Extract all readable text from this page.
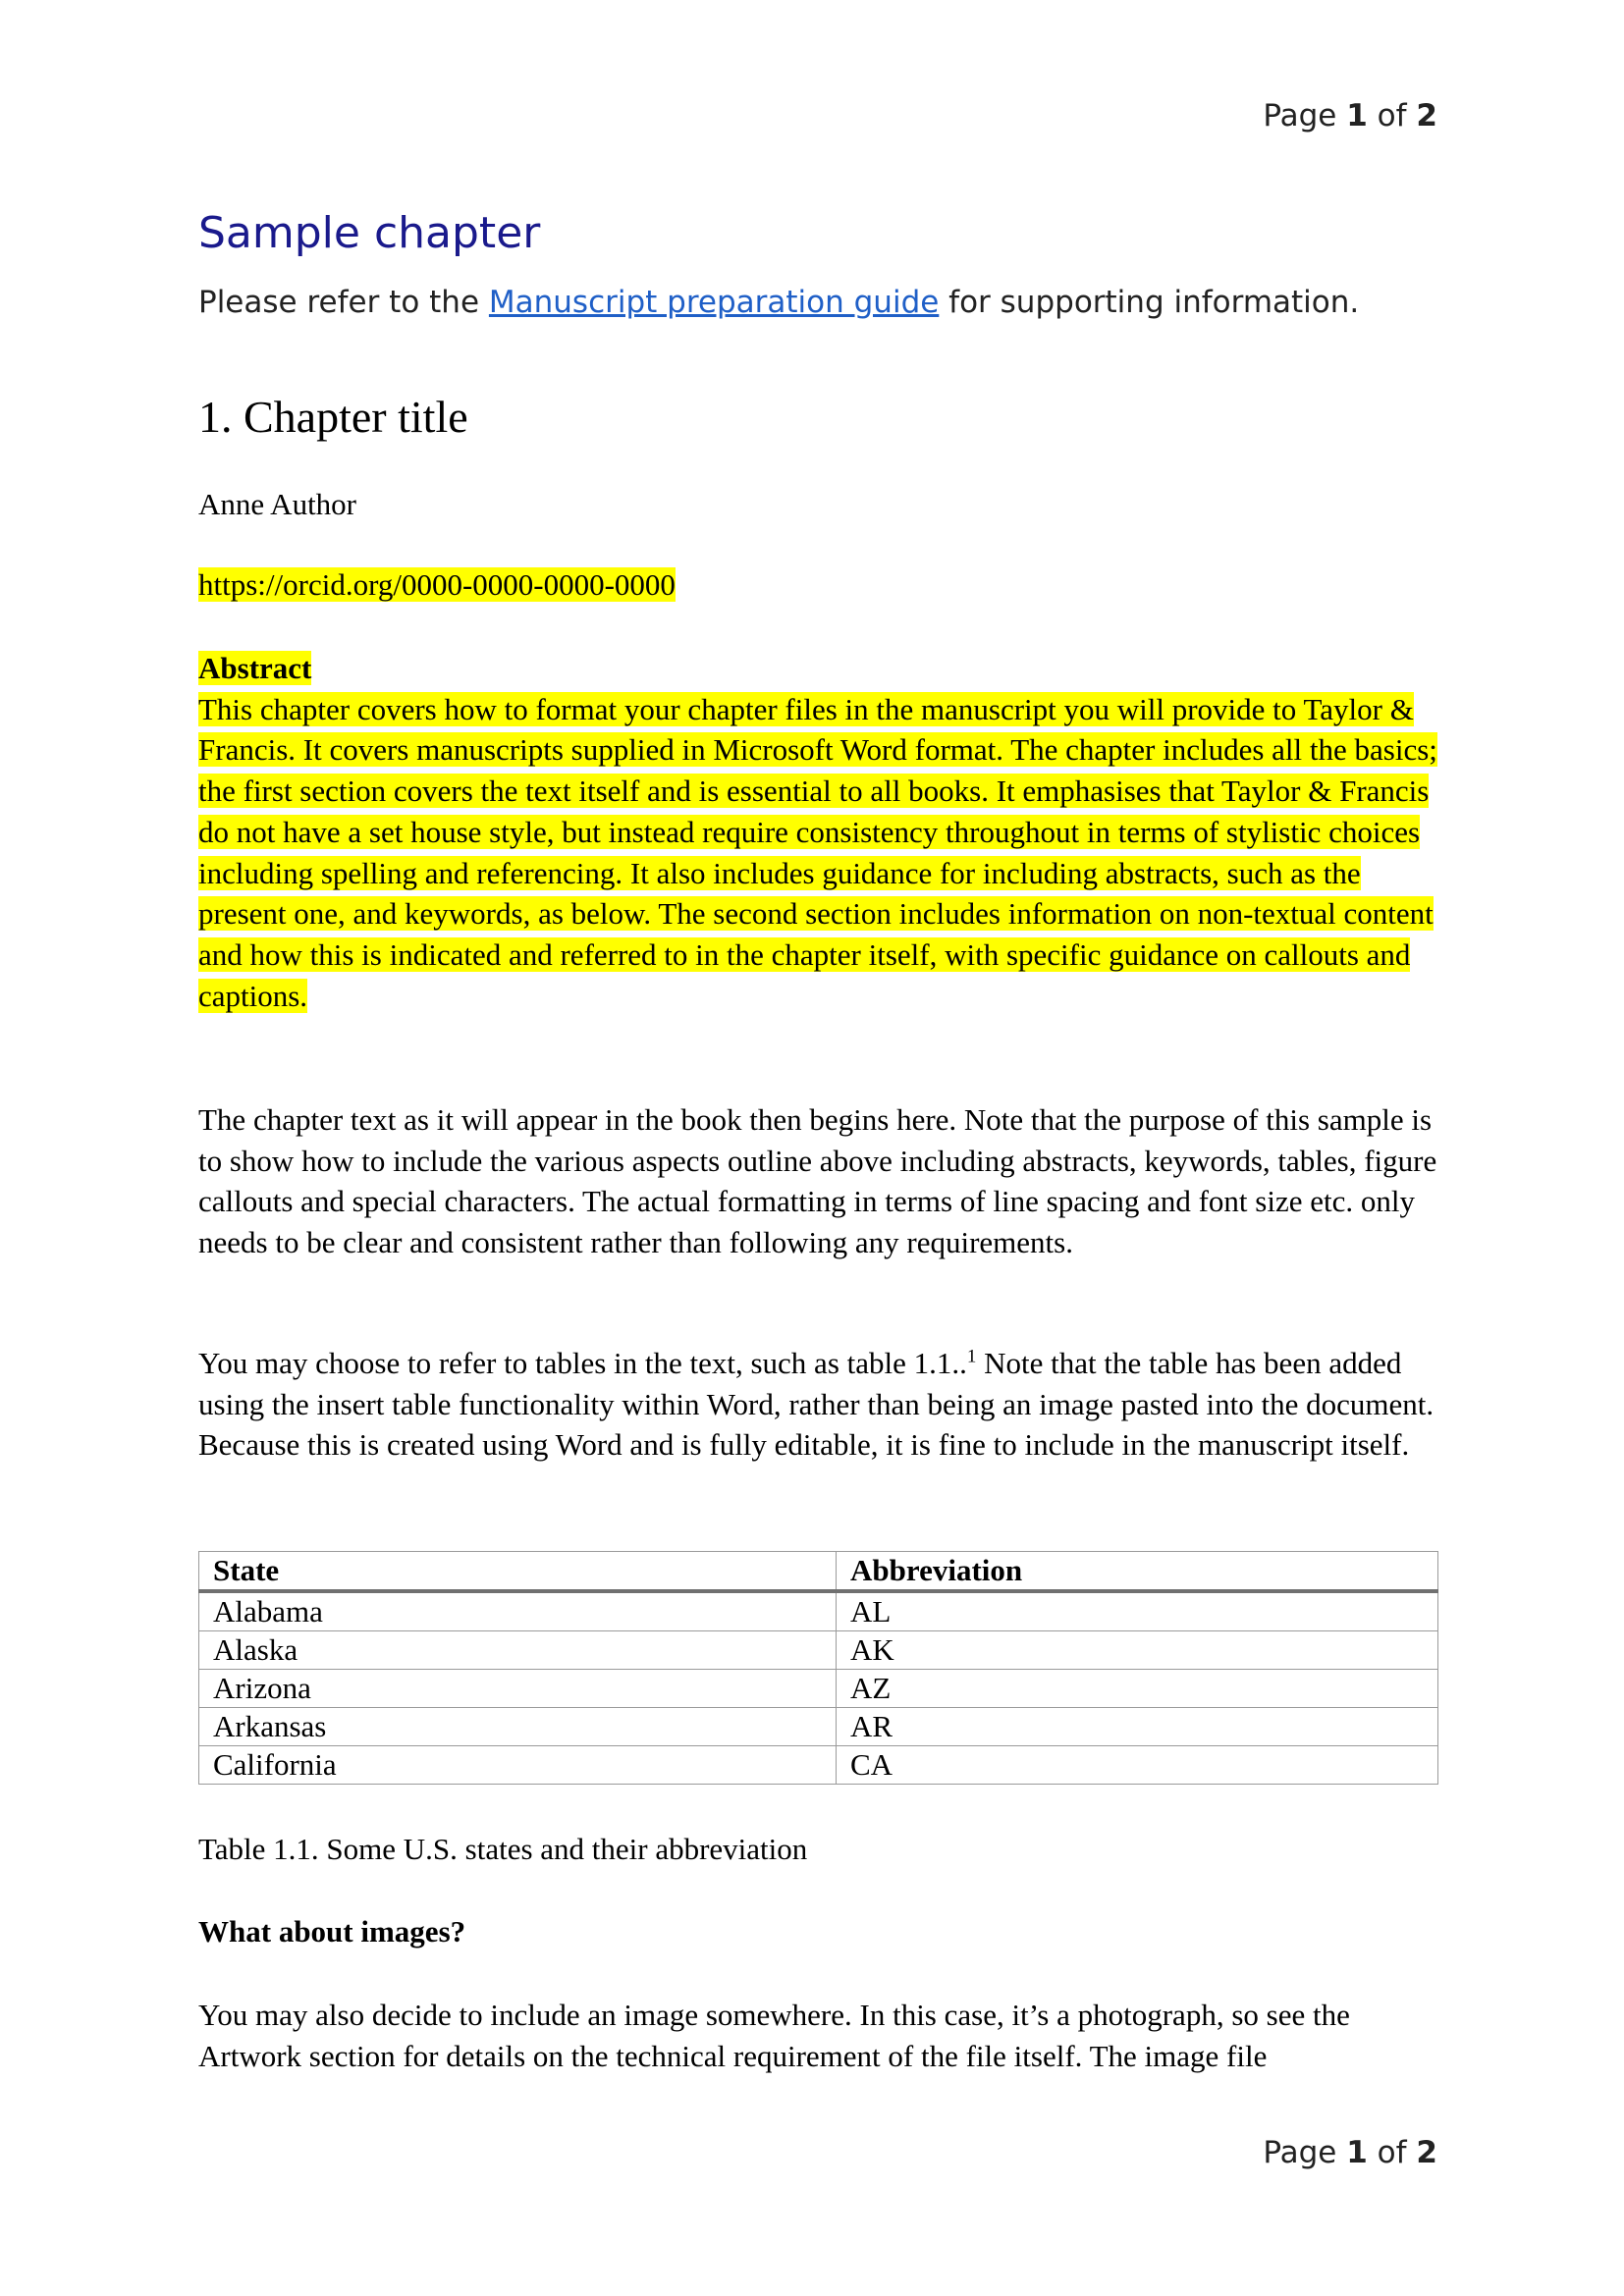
Page 1 of 2
Sample chapter

Please refer to the Manuscript preparation guide for supporting information.

1. Chapter title

Anne Author

https://orcid.org/0000-0000-0000-0000

Abstract
This chapter covers how to format your chapter files in the manuscript you will provide to Taylor & Francis. It covers manuscripts supplied in Microsoft Word format. The chapter includes all the basics; the first section covers the text itself and is essential to all books. It emphasises that Taylor & Francis do not have a set house style, but instead require consistency throughout in terms of stylistic choices including spelling and referencing. It also includes guidance for including abstracts, such as the present one, and keywords, as below. The second section includes information on non-textual content and how this is indicated and referred to in the chapter itself, with specific guidance on callouts and captions.

The chapter text as it will appear in the book then begins here. Note that the purpose of this sample is to show how to include the various aspects outline above including abstracts, keywords, tables, figure callouts and special characters. The actual formatting in terms of line spacing and font size etc. only needs to be clear and consistent rather than following any requirements.

You may choose to refer to tables in the text, such as table 1.1..$^1$ Note that the table has been added using the insert table functionality within Word, rather than being an image pasted into the document. Because this is created using Word and is fully editable, it is fine to include in the manuscript itself.

State	Abbreviation
Alabama	AL
Alaska	AK
Arizona	AZ
Arkansas	AR
California	CA

Table 1.1. Some U.S. states and their abbreviation

What about images?

You may also decide to include an image somewhere. In this case, it’s a photograph, so see the Artwork section for details on the technical requirement of the file itself. The image file

Page 1 of 2
